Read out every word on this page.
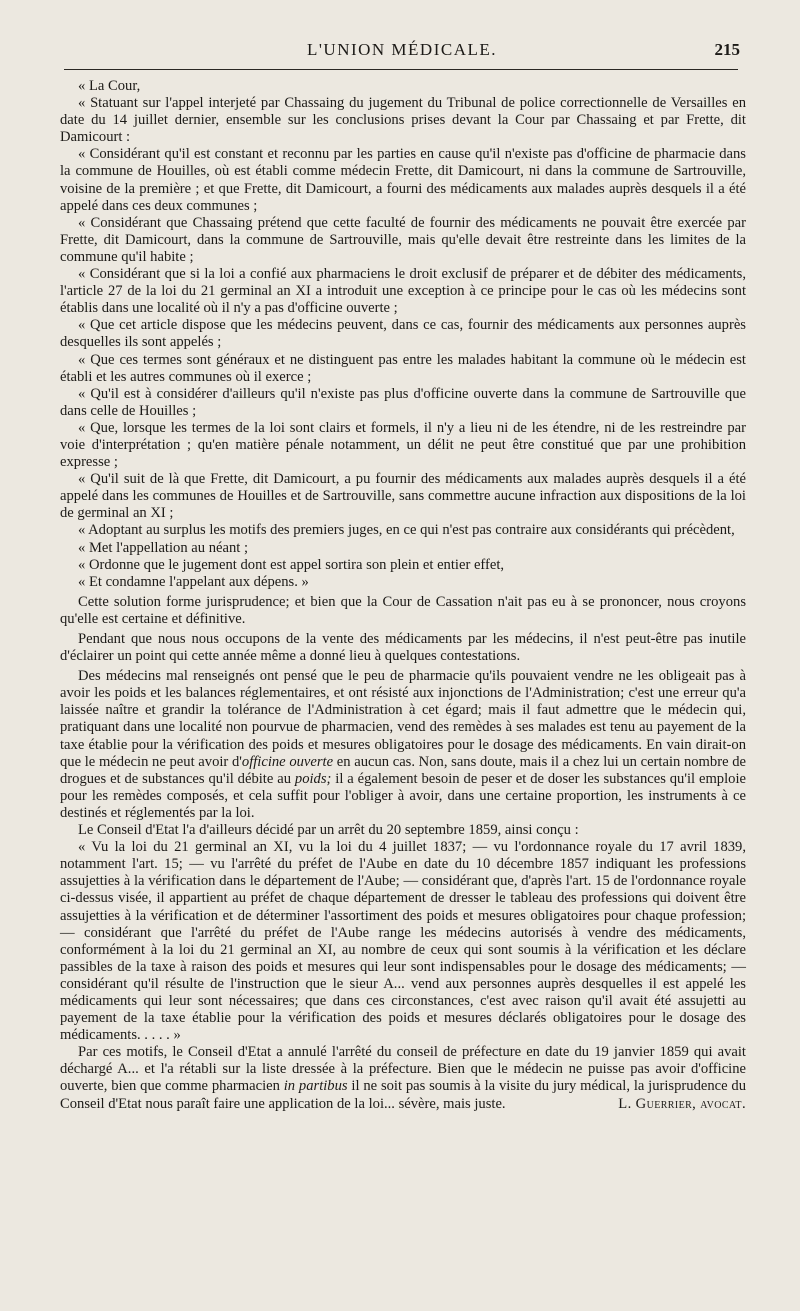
L'UNION MÉDICALE.	215

« La Cour,

« Statuant sur l'appel interjeté par Chassaing du jugement du Tribunal de police correctionnelle de Versailles en date du 14 juillet dernier, ensemble sur les conclusions prises devant la Cour par Chassaing et par Frette, dit Damicourt :

« Considérant qu'il est constant et reconnu par les parties en cause qu'il n'existe pas d'officine de pharmacie dans la commune de Houilles, où est établi comme médecin Frette, dit Damicourt, ni dans la commune de Sartrouville, voisine de la première ; et que Frette, dit Damicourt, a fourni des médicaments aux malades auprès desquels il a été appelé dans ces deux communes ;

« Considérant que Chassaing prétend que cette faculté de fournir des médicaments ne pouvait être exercée par Frette, dit Damicourt, dans la commune de Sartrouville, mais qu'elle devait être restreinte dans les limites de la commune qu'il habite ;

« Considérant que si la loi a confié aux pharmaciens le droit exclusif de préparer et de débiter des médicaments, l'article 27 de la loi du 21 germinal an XI a introduit une exception à ce principe pour le cas où les médecins sont établis dans une localité où il n'y a pas d'officine ouverte ;

« Que cet article dispose que les médecins peuvent, dans ce cas, fournir des médicaments aux personnes auprès desquelles ils sont appelés ;

« Que ces termes sont généraux et ne distinguent pas entre les malades habitant la commune où le médecin est établi et les autres communes où il exerce ;

« Qu'il est à considérer d'ailleurs qu'il n'existe pas plus d'officine ouverte dans la commune de Sartrouville que dans celle de Houilles ;

« Que, lorsque les termes de la loi sont clairs et formels, il n'y a lieu ni de les étendre, ni de les restreindre par voie d'interprétation ; qu'en matière pénale notamment, un délit ne peut être constitué que par une prohibition expresse ;

« Qu'il suit de là que Frette, dit Damicourt, a pu fournir des médicaments aux malades auprès desquels il a été appelé dans les communes de Houilles et de Sartrouville, sans commettre aucune infraction aux dispositions de la loi de germinal an XI ;

« Adoptant au surplus les motifs des premiers juges, en ce qui n'est pas contraire aux considérants qui précèdent,

« Met l'appellation au néant ;

« Ordonne que le jugement dont est appel sortira son plein et entier effet,

« Et condamne l'appelant aux dépens. »

Cette solution forme jurisprudence; et bien que la Cour de Cassation n'ait pas eu à se prononcer, nous croyons qu'elle est certaine et définitive.

Pendant que nous nous occupons de la vente des médicaments par les médecins, il n'est peut-être pas inutile d'éclairer un point qui cette année même a donné lieu à quelques contestations.

Des médecins mal renseignés ont pensé que le peu de pharmacie qu'ils pouvaient vendre ne les obligeait pas à avoir les poids et les balances réglementaires, et ont résisté aux injonctions de l'Administration; c'est une erreur qu'a laissée naître et grandir la tolérance de l'Administration à cet égard; mais il faut admettre que le médecin qui, pratiquant dans une localité non pourvue de pharmacien, vend des remèdes à ses malades est tenu au payement de la taxe établie pour la vérification des poids et mesures obligatoires pour le dosage des médicaments. En vain dirait-on que le médecin ne peut avoir d'officine ouverte en aucun cas. Non, sans doute, mais il a chez lui un certain nombre de drogues et de substances qu'il débite au poids; il a également besoin de peser et de doser les substances qu'il emploie pour les remèdes composés, et cela suffit pour l'obliger à avoir, dans une certaine proportion, les instruments à ce destinés et réglementés par la loi.

Le Conseil d'Etat l'a d'ailleurs décidé par un arrêt du 20 septembre 1859, ainsi conçu :

« Vu la loi du 21 germinal an XI, vu la loi du 4 juillet 1837; — vu l'ordonnance royale du 17 avril 1839, notamment l'art. 15; — vu l'arrêté du préfet de l'Aube en date du 10 décembre 1857 indiquant les professions assujetties à la vérification dans le département de l'Aube; — considérant que, d'après l'art. 15 de l'ordonnance royale ci-dessus visée, il appartient au préfet de chaque département de dresser le tableau des professions qui doivent être assujetties à la vérification et de déterminer l'assortiment des poids et mesures obligatoires pour chaque profession; — considérant que l'arrêté du préfet de l'Aube range les médecins autorisés à vendre des médicaments, conformément à la loi du 21 germinal an XI, au nombre de ceux qui sont soumis à la vérification et les déclare passibles de la taxe à raison des poids et mesures qui leur sont indispensables pour le dosage des médicaments; — considérant qu'il résulte de l'instruction que le sieur A... vend aux personnes auprès desquelles il est appelé les médicaments qui leur sont nécessaires; que dans ces circonstances, c'est avec raison qu'il avait été assujetti au payement de la taxe établie pour la vérification des poids et mesures déclarés obligatoires pour le dosage des médicaments. . . . . »

Par ces motifs, le Conseil d'Etat a annulé l'arrêté du conseil de préfecture en date du 19 janvier 1859 qui avait déchargé A... et l'a rétabli sur la liste dressée à la préfecture. Bien que le médecin ne puisse pas avoir d'officine ouverte, bien que comme pharmacien in partibus il ne soit pas soumis à la visite du jury médical, la jurisprudence du Conseil d'Etat nous paraît faire une application de la loi... sévère, mais juste.	L. Guerrier, avocat.
